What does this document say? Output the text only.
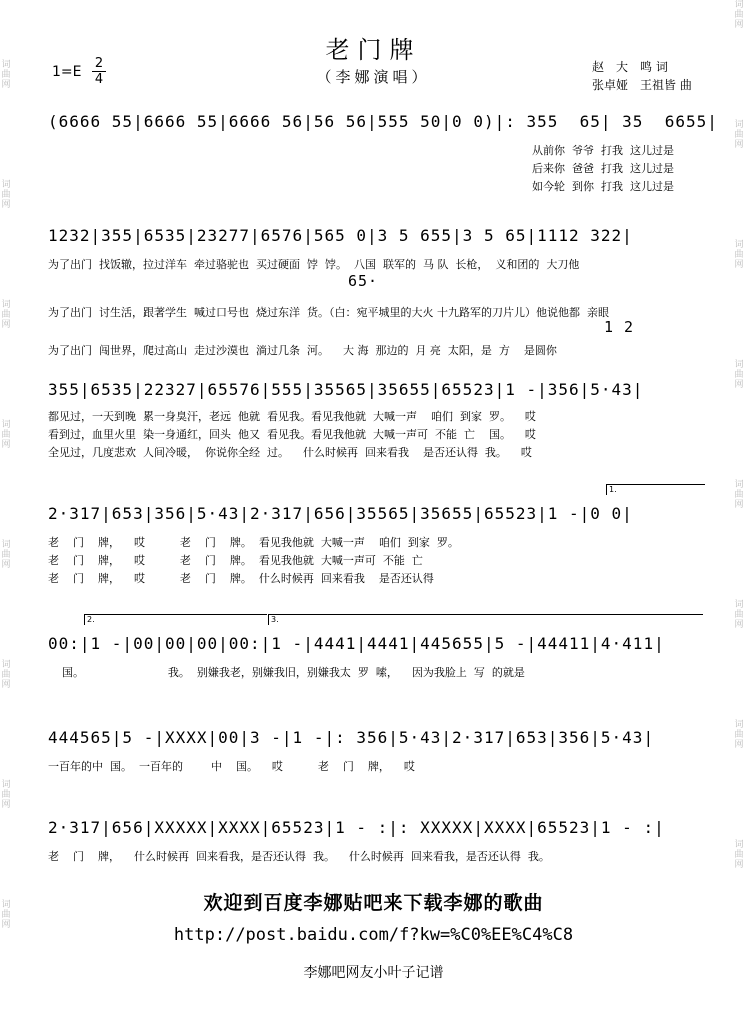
词曲网
词曲网
词曲网
词曲网
词曲网
词曲网
词曲网
词曲网
词曲网
词曲网
词曲网
词曲网
词曲网
词曲网
词曲网
词曲网
老门牌
（李娜演唱）
1=E
2
4
赵　大　鸣 词
张卓娅　王祖皆 曲
(6666 55|6666 55|6666 56|56 56|555 50|0 0)|: 355  65| 35  6655|
从前你  爷爷  打我  这儿过是
后来你  爸爸  打我  这儿过是
如今轮  到你  打我  这儿过是
1232|355|6535|23277|6576|565 0|3 5 655|3 5 65|1112 322|
为了出门  找饭辙，拉过洋车  牵过骆驼也  买过硬面  饽  饽。  八国  联军的  马 队  长枪，  义和团的  大刀他
65·
为了出门  讨生活，跟著学生  喊过口号也  烧过东洋  货。（白：宛平城里的大火 十九路军的刀片儿）他说他都  亲眼
1 2
为了出门  闯世界，爬过高山  走过沙漠也  淌过几条  河。    大 海  那边的  月 亮  太阳，是  方    是圆你
355|6535|22327|65576|555|35565|35655|65523|1 -|356|5·43|
都见过，一天到晚  累一身臭汗，老远  他就  看见我。看见我他就  大喊一声    咱们  到家  罗。    哎
看到过，血里火里  染一身通红，回头  他又  看见我。看见我他就  大喊一声可  不能  亡    国。    哎
全见过，几度悲欢  人间冷暖，  你说你全经  过。    什么时候再  回来看我    是否还认得  我。    哎
1.
2·317|653|356|5·43|2·317|656|35565|35655|65523|1 -|0 0|
老    门    牌，    哎          老    门    牌。  看见我他就  大喊一声    咱们  到家  罗。
老    门    牌，    哎          老    门    牌。  看见我他就  大喊一声可  不能  亡
老    门    牌，    哎          老    门    牌。  什么时候再  回来看我    是否还认得
2.	3.
00:|1 -|00|00|00|00:|1 -|4441|4441|445655|5 -|44411|4·411|
国。                        我。  别嫌我老，别嫌我旧，别嫌我太  罗  嗦，    因为我脸上  写  的就是
444565|5 -|XXXX|00|3 -|1 -|: 356|5·43|2·317|653|356|5·43|
一百年的中  国。  一百年的        中    国。    哎          老    门    牌，    哎
2·317|656|XXXXX|XXXX|65523|1 - :|: XXXXX|XXXX|65523|1 - :|
老    门    牌，    什么时候再  回来看我，是否还认得  我。    什么时候再  回来看我，是否还认得  我。
欢迎到百度李娜贴吧来下载李娜的歌曲
http://post.baidu.com/f?kw=%C0%EE%C4%C8
李娜吧网友小叶子记谱
